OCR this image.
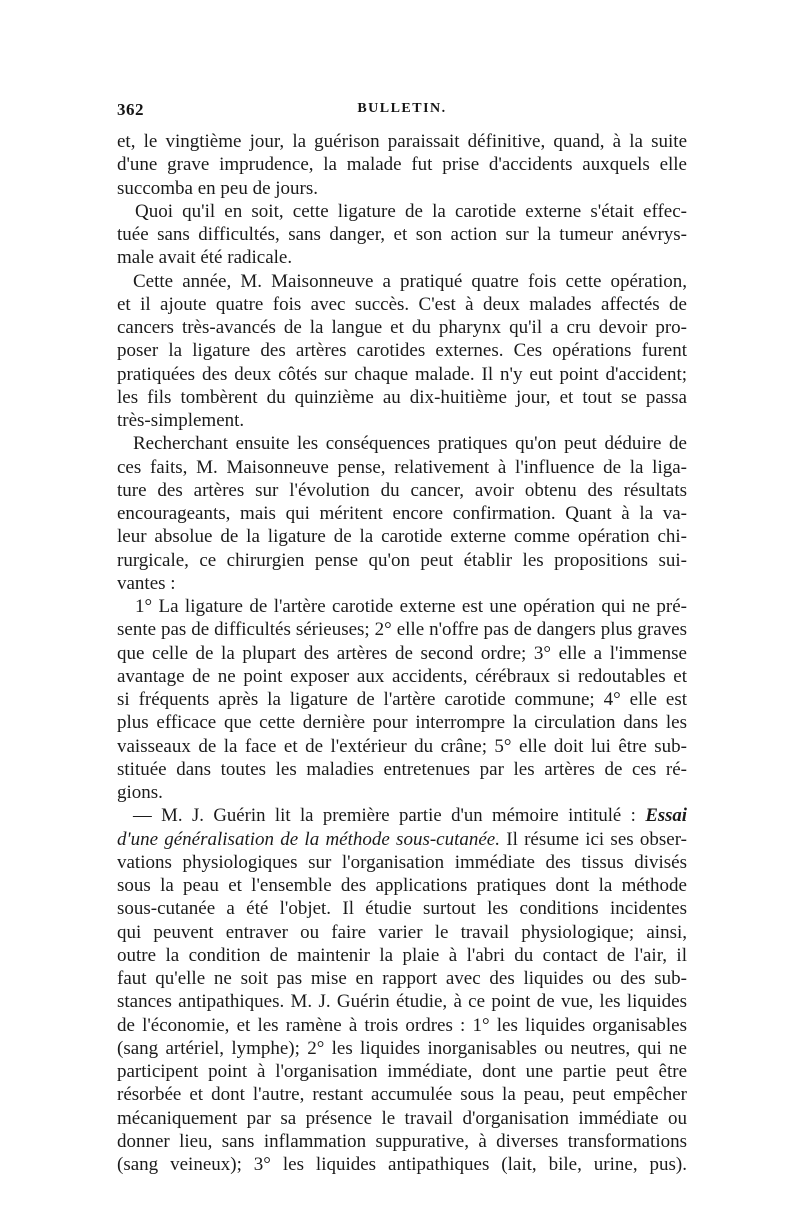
362	BULLETIN.
et, le vingtième jour, la guérison paraissait définitive, quand, à la suite
d'une grave imprudence, la malade fut prise d'accidents auxquels elle
succomba en peu de jours.
Quoi qu'il en soit, cette ligature de la carotide externe s'était effec-
tuée sans difficultés, sans danger, et son action sur la tumeur anévrys-
male avait été radicale.
Cette année, M. Maisonneuve a pratiqué quatre fois cette opération,
et il ajoute quatre fois avec succès. C'est à deux malades affectés de
cancers très-avancés de la langue et du pharynx qu'il a cru devoir pro-
poser la ligature des artères carotides externes. Ces opérations furent
pratiquées des deux côtés sur chaque malade. Il n'y eut point d'accident;
les fils tombèrent du quinzième au dix-huitième jour, et tout se passa
très-simplement.
Recherchant ensuite les conséquences pratiques qu'on peut déduire de
ces faits, M. Maisonneuve pense, relativement à l'influence de la liga-
ture des artères sur l'évolution du cancer, avoir obtenu des résultats
encourageants, mais qui méritent encore confirmation. Quant à la va-
leur absolue de la ligature de la carotide externe comme opération chi-
rurgicale, ce chirurgien pense qu'on peut établir les propositions sui-
vantes :
1° La ligature de l'artère carotide externe est une opération qui ne pré-
sente pas de difficultés sérieuses; 2° elle n'offre pas de dangers plus graves
que celle de la plupart des artères de second ordre; 3° elle a l'immense
avantage de ne point exposer aux accidents, cérébraux si redoutables et
si fréquents après la ligature de l'artère carotide commune; 4° elle est
plus efficace que cette dernière pour interrompre la circulation dans les
vaisseaux de la face et de l'extérieur du crâne; 5° elle doit lui être sub-
stituée dans toutes les maladies entretenues par les artères de ces ré-
gions.
— M. J. Guérin lit la première partie d'un mémoire intitulé : Essai
d'une généralisation de la méthode sous-cutanée. Il résume ici ses obser-
vations physiologiques sur l'organisation immédiate des tissus divisés
sous la peau et l'ensemble des applications pratiques dont la méthode
sous-cutanée a été l'objet. Il étudie surtout les conditions incidentes
qui peuvent entraver ou faire varier le travail physiologique; ainsi,
outre la condition de maintenir la plaie à l'abri du contact de l'air, il
faut qu'elle ne soit pas mise en rapport avec des liquides ou des sub-
stances antipathiques. M. J. Guérin étudie, à ce point de vue, les liquides
de l'économie, et les ramène à trois ordres : 1° les liquides organisables
(sang artériel, lymphe); 2° les liquides inorganisables ou neutres, qui ne
participent point à l'organisation immédiate, dont une partie peut être
résorbée et dont l'autre, restant accumulée sous la peau, peut empêcher
mécaniquement par sa présence le travail d'organisation immédiate ou
donner lieu, sans inflammation suppurative, à diverses transformations
(sang veineux); 3° les liquides antipathiques (lait, bile, urine, pus).
